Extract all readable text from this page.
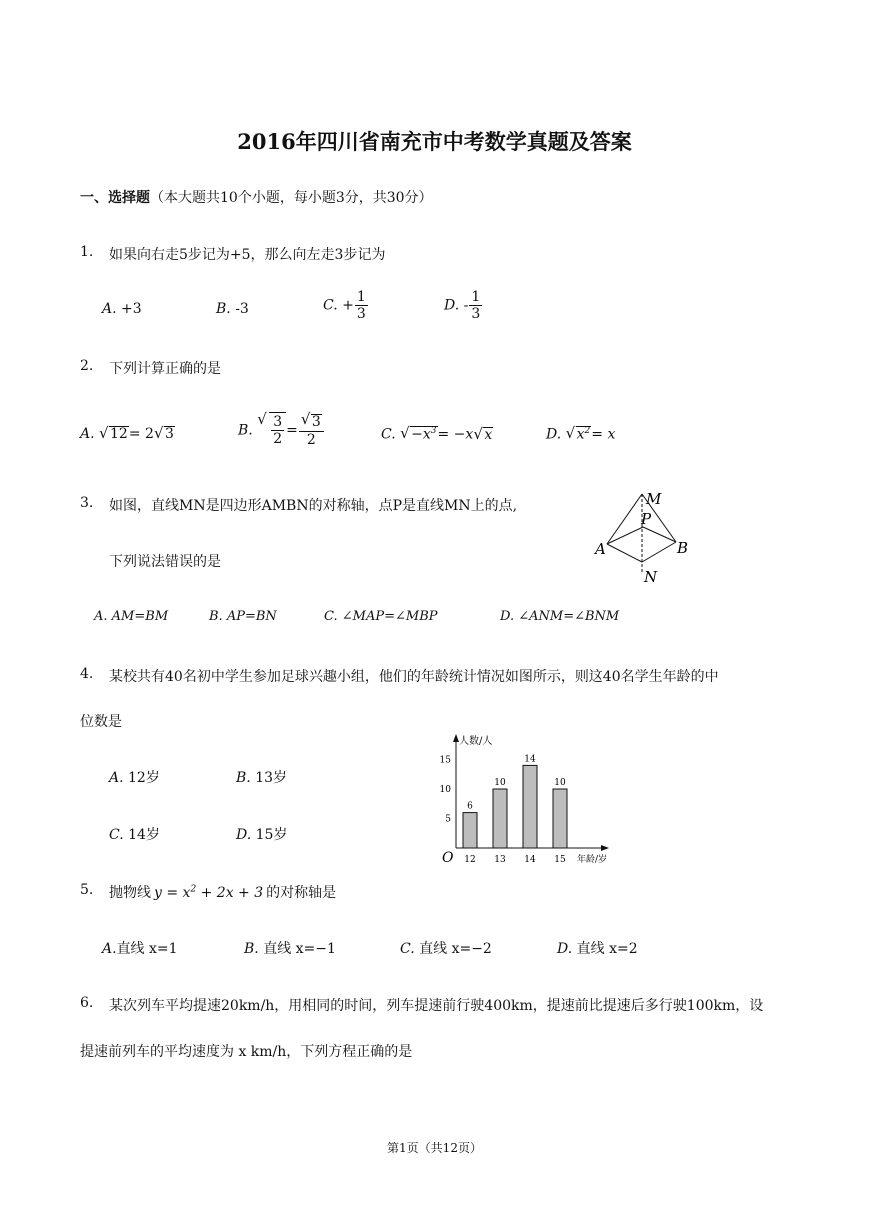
2016年四川省南充市中考数学真题及答案
一、选择题（本大题共10个小题，每小题3分，共30分）
1. 如果向右走5步记为+5，那么向左走3步记为
A. +3	B. -3	C. + $\frac{1}{3}$	D. - $\frac{1}{3}$
2. 下列计算正确的是
A. √ 12= 2√ 3	B.
√ $\frac{3}{2}$ =
√ $\frac{3}{2}$	C. √ $-x^3= -x√$ x	D. √ $x^2= x$
3. 如图，直线MN是四边形AMBN的对称轴，点P是直线MN上的点,
下列说法错误的是
M
P
A	B
N
A. AM=BM	B. AP=BN	C. ∠MAP=∠MBP	D. ∠ANM=∠BNM
4. 某校共有40名初中学生参加足球兴趣小组，他们的年龄统计情况如图所示，则这40名学生年龄的中
位数是
A. 12岁	B. 13岁
C. 14岁	D. 15岁
人数/人
年龄/岁
O
5
10
15
6
12
10
13
14
14
10
15
5. 抛物线 $y = x^2 + 2x + 3$ 的对称轴是
A.直线 x=1	B. 直线 x=−1	C. 直线 x=−2	D. 直线 x=2
6. 某次列车平均提速20km/h，用相同的时间，列车提速前行驶400km，提速前比提速后多行驶100km，设
提速前列车的平均速度为 x km/h，下列方程正确的是
第1页（共12页）
